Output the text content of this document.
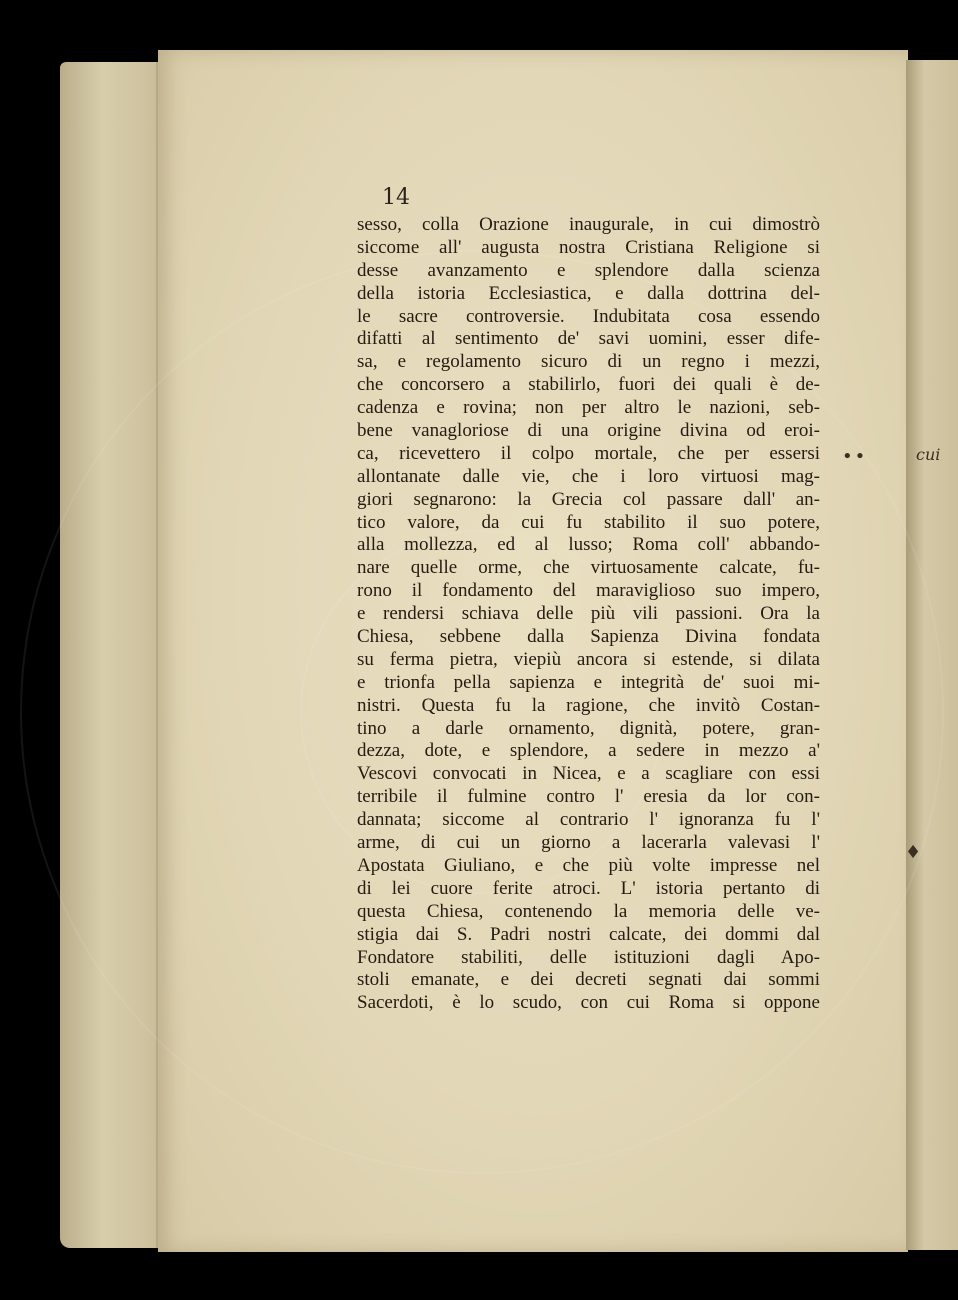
cui
••
♦
14
sesso, colla Orazione inaugurale, in cui dimostrò
siccome all' augusta nostra Cristiana Religione si
desse avanzamento e splendore dalla scienza
della istoria Ecclesiastica, e dalla dottrina del-
le sacre controversie. Indubitata cosa essendo
difatti al sentimento de' savi uomini, esser dife-
sa, e regolamento sicuro di un regno i mezzi,
che concorsero a stabilirlo, fuori dei quali è de-
cadenza e rovina; non per altro le nazioni, seb-
bene vanagloriose di una origine divina od eroi-
ca, ricevettero il colpo mortale, che per essersi
allontanate dalle vie, che i loro virtuosi mag-
giori segnarono: la Grecia col passare dall' an-
tico valore, da cui fu stabilito il suo potere,
alla mollezza, ed al lusso; Roma coll' abbando-
nare quelle orme, che virtuosamente calcate, fu-
rono il fondamento del maraviglioso suo impero,
e rendersi schiava delle più vili passioni. Ora la
Chiesa, sebbene dalla Sapienza Divina fondata
su ferma pietra, viepiù ancora si estende, si dilata
e trionfa pella sapienza e integrità de' suoi mi-
nistri. Questa fu la ragione, che invitò Costan-
tino a darle ornamento, dignità, potere, gran-
dezza, dote, e splendore, a sedere in mezzo a'
Vescovi convocati in Nicea, e a scagliare con essi
terribile il fulmine contro l' eresia da lor con-
dannata; siccome al contrario l' ignoranza fu l'
arme, di cui un giorno a lacerarla valevasi l'
Apostata Giuliano, e che più volte impresse nel
di lei cuore ferite atroci. L' istoria pertanto di
questa Chiesa, contenendo la memoria delle ve-
stigia dai S. Padri nostri calcate, dei dommi dal
Fondatore stabiliti, delle istituzioni dagli Apo-
stoli emanate, e dei decreti segnati dai sommi
Sacerdoti, è lo scudo, con cui Roma si oppone
